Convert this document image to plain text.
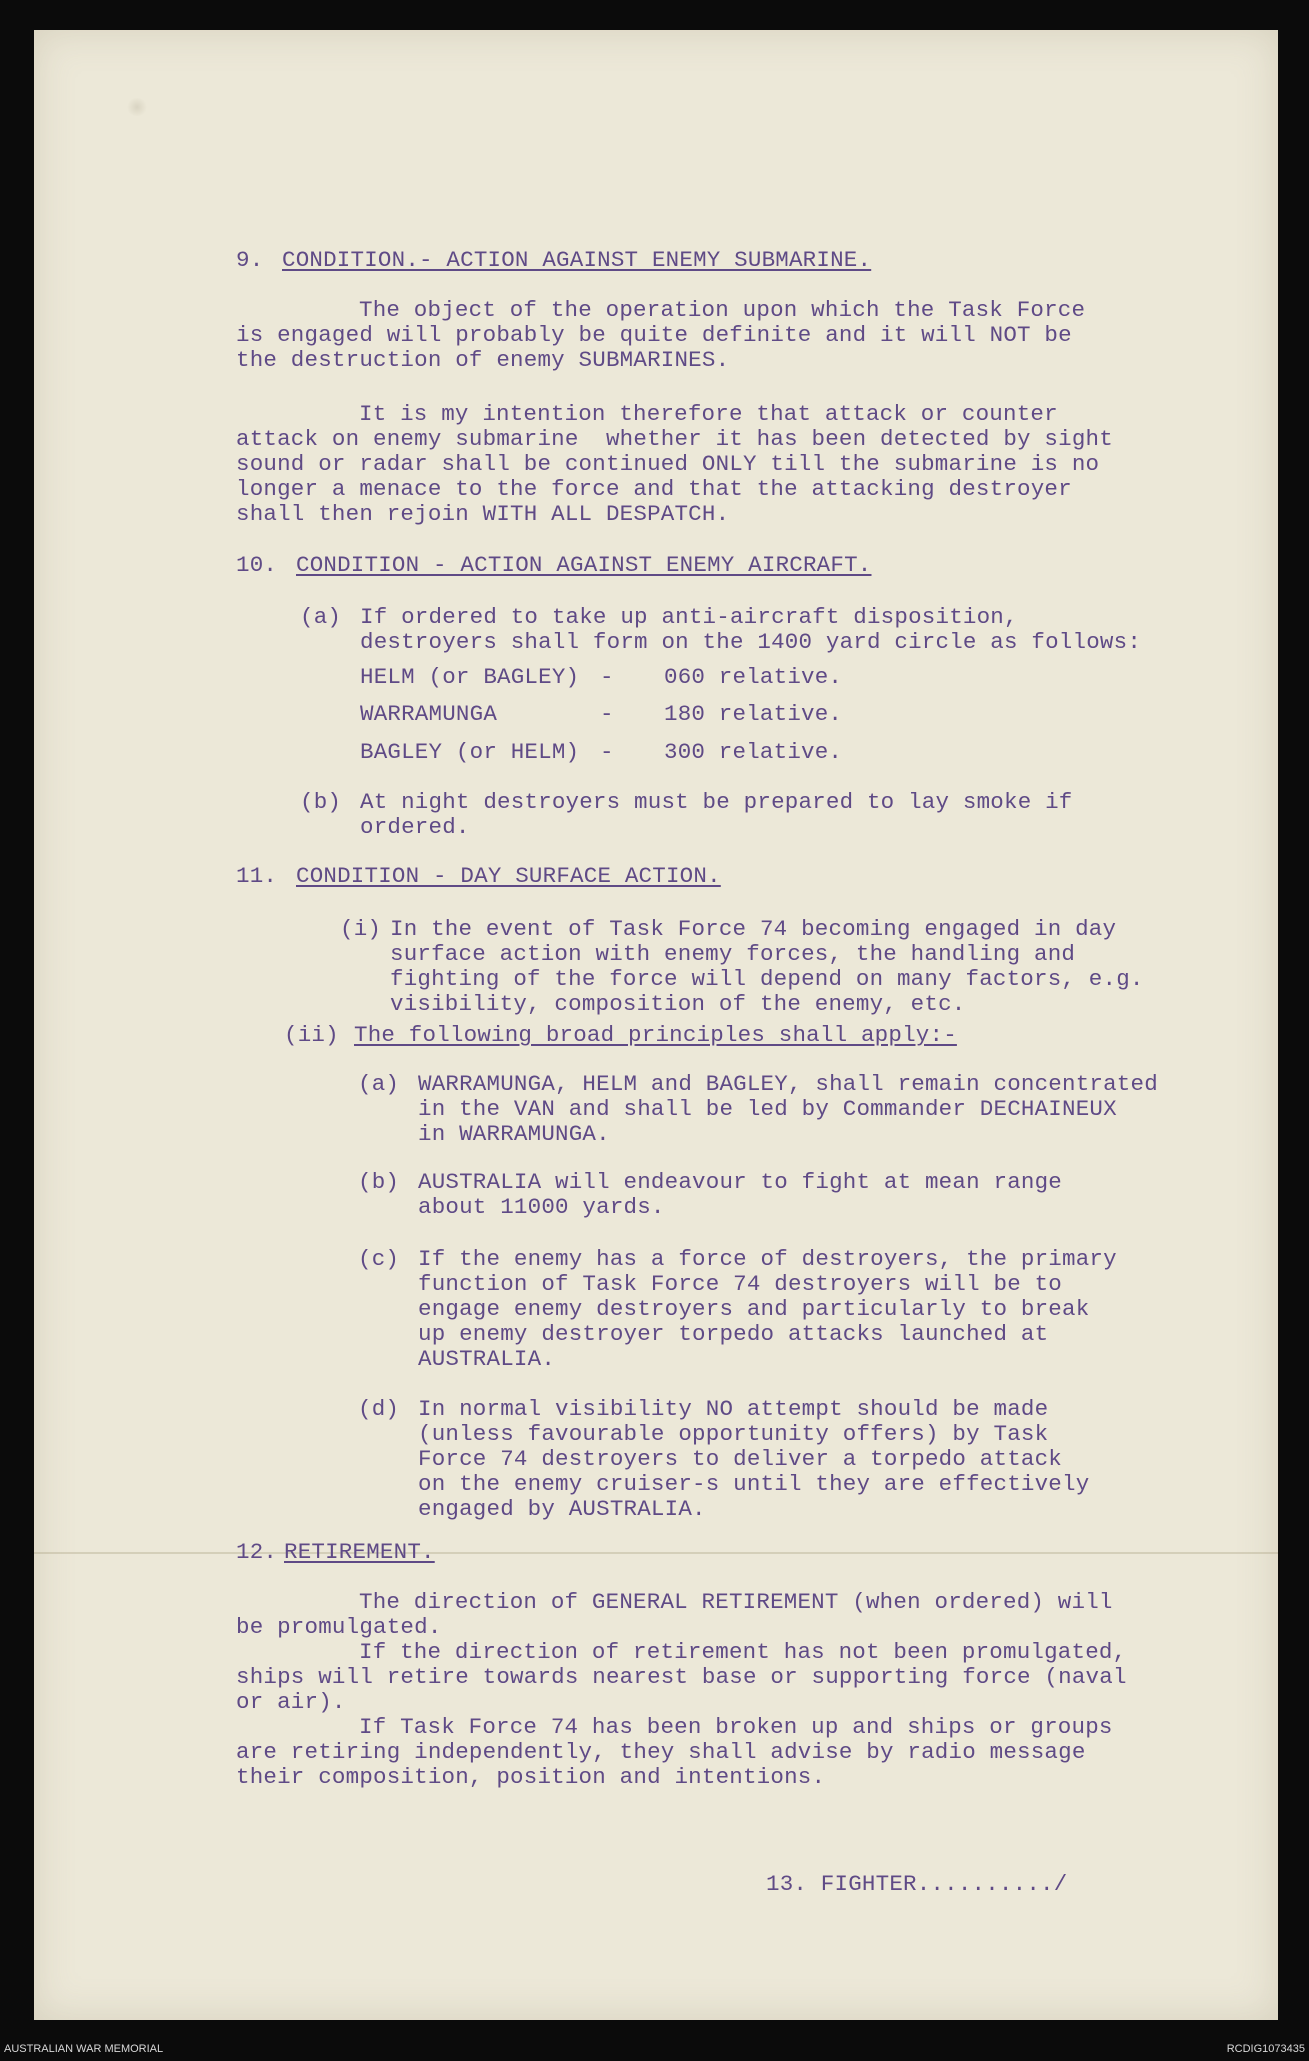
9. CONDITION.- ACTION AGAINST ENEMY SUBMARINE.
The object of the operation upon which the Task Force
is engaged will probably be quite definite and it will NOT be
the destruction of enemy SUBMARINES.
It is my intention therefore that attack or counter
attack on enemy submarine  whether it has been detected by sight
sound or radar shall be continued ONLY till the submarine is no
longer a menace to the force and that the attacking destroyer
shall then rejoin WITH ALL DESPATCH.
10. CONDITION - ACTION AGAINST ENEMY AIRCRAFT.
(a) If ordered to take up anti-aircraft disposition,
destroyers shall form on the 1400 yard circle as follows:
HELM (or BAGLEY) - 060 relative.
WARRAMUNGA	- 180 relative.
BAGLEY (or HELM) - 300 relative.
(b) At night destroyers must be prepared to lay smoke if
ordered.
11. CONDITION - DAY SURFACE ACTION.
(i) In the event of Task Force 74 becoming engaged in day
surface action with enemy forces, the handling and
fighting of the force will depend on many factors, e.g.
visibility, composition of the enemy, etc.
(ii) The following broad principles shall apply:-
(a) WARRAMUNGA, HELM and BAGLEY, shall remain concentrated
in the VAN and shall be led by Commander DECHAINEUX
in WARRAMUNGA.
(b) AUSTRALIA will endeavour to fight at mean range
about 11000 yards.
(c) If the enemy has a force of destroyers, the primary
function of Task Force 74 destroyers will be to
engage enemy destroyers and particularly to break
up enemy destroyer torpedo attacks launched at
AUSTRALIA.
(d) In normal visibility NO attempt should be made
(unless favourable opportunity offers) by Task
Force 74 destroyers to deliver a torpedo attack
on the enemy cruiser-s until they are effectively
engaged by AUSTRALIA.
12. RETIREMENT.
The direction of GENERAL RETIREMENT (when ordered) will
be promulgated.
If the direction of retirement has not been promulgated,
ships will retire towards nearest base or supporting force (naval
or air).
If Task Force 74 has been broken up and ships or groups
are retiring independently, they shall advise by radio message
their composition, position and intentions.
13. FIGHTER........../
AUSTRALIAN WAR MEMORIAL	RCDIG1073435
